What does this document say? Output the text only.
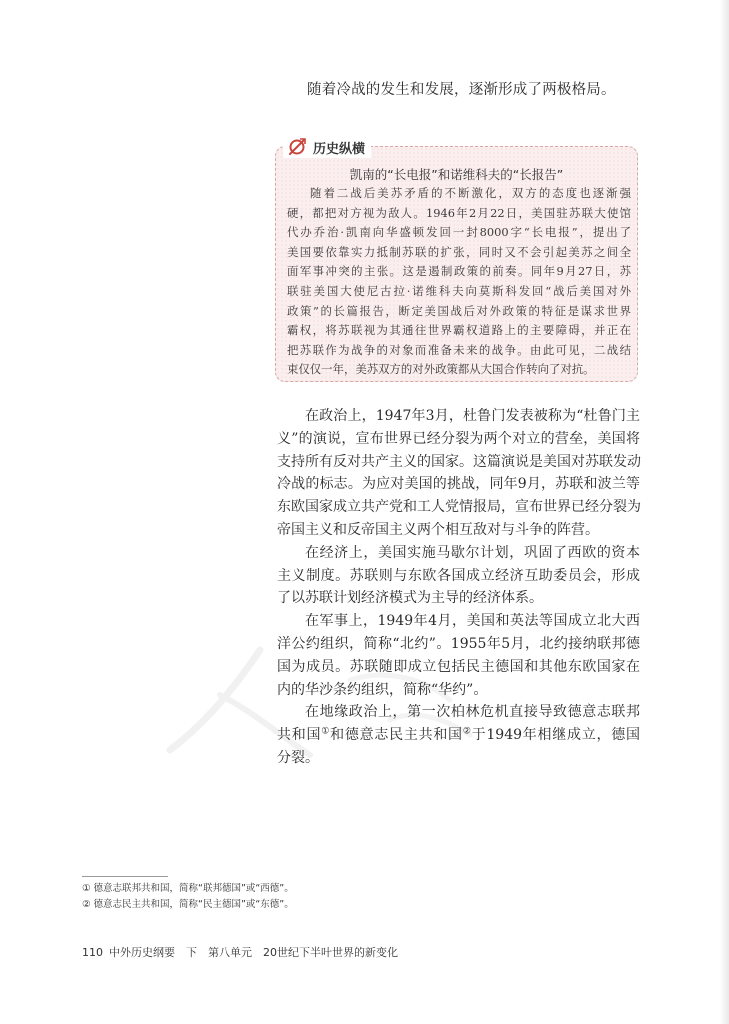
随着冷战的发生和发展，逐渐形成了两极格局。
历史纵横
凯南的“长电报”和诺维科夫的“长报告”
随着二战后美苏矛盾的不断激化，双方的态度也逐渐强
硬，都把对方视为敌人。1946年2月22日，美国驻苏联大使馆
代办乔治·凯南向华盛顿发回一封8000字“长电报”，提出了
美国要依靠实力抵制苏联的扩张，同时又不会引起美苏之间全
面军事冲突的主张。这是遏制政策的前奏。同年9月27日，苏
联驻美国大使尼古拉·诺维科夫向莫斯科发回“战后美国对外
政策”的长篇报告，断定美国战后对外政策的特征是谋求世界
霸权，将苏联视为其通往世界霸权道路上的主要障碍，并正在
把苏联作为战争的对象而准备未来的战争。由此可见，二战结
束仅仅一年，美苏双方的对外政策都从大国合作转向了对抗。
在政治上，1947年3月，杜鲁门发表被称为“杜鲁门主
义”的演说，宣布世界已经分裂为两个对立的营垒，美国将
支持所有反对共产主义的国家。这篇演说是美国对苏联发动
冷战的标志。为应对美国的挑战，同年9月，苏联和波兰等
东欧国家成立共产党和工人党情报局，宣布世界已经分裂为
帝国主义和反帝国主义两个相互敌对与斗争的阵营。
在经济上，美国实施马歇尔计划，巩固了西欧的资本
主义制度。苏联则与东欧各国成立经济互助委员会，形成
了以苏联计划经济模式为主导的经济体系。
在军事上，1949年4月，美国和英法等国成立北大西
洋公约组织，简称“北约”。1955年5月，北约接纳联邦德
国为成员。苏联随即成立包括民主德国和其他东欧国家在
内的华沙条约组织，简称“华约”。
在地缘政治上，第一次柏林危机直接导致德意志联邦
共和国①和德意志民主共和国②于1949年相继成立，德国
分裂。
① 德意志联邦共和国，简称“联邦德国”或“西德”。
② 德意志民主共和国，简称“民主德国”或“东德”。
110 中外历史纲要　下　第八单元　20世纪下半叶世界的新变化
